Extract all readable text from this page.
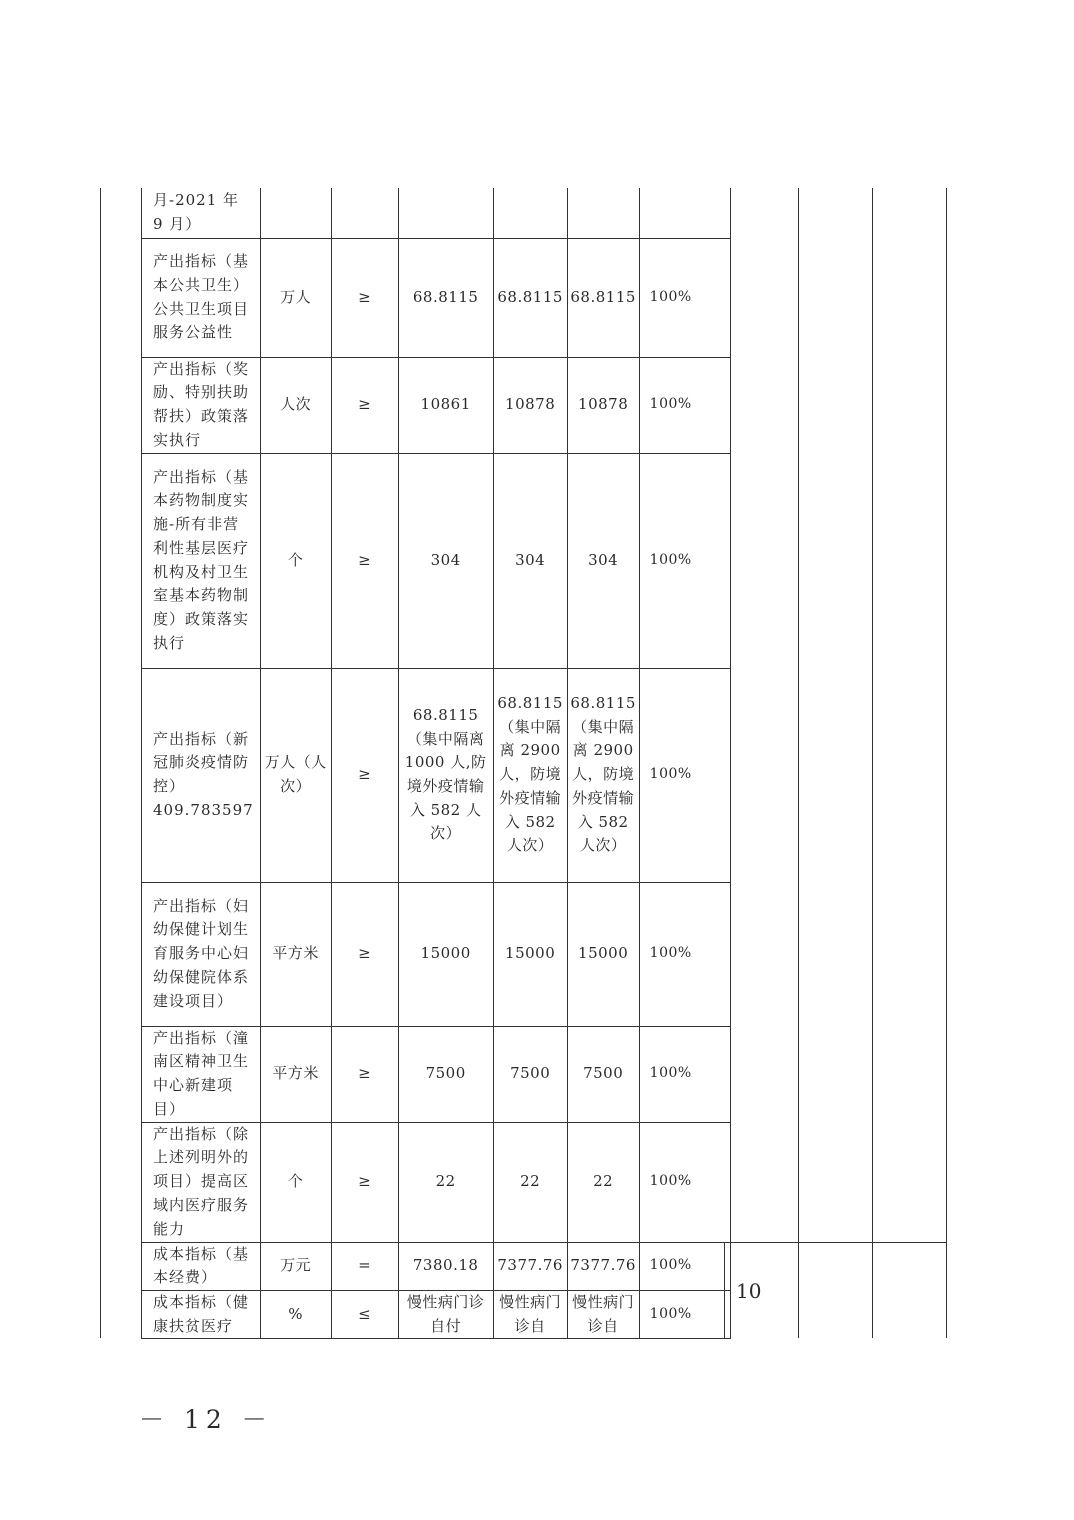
月-2021 年 9 月）						
产出指标（基本公共卫生）公共卫生项目服务公益性	万人	≥	68.8115	68.8115	68.8115	100%
产出指标（奖励、特别扶助帮扶）政策落实执行	人次	≥	10861	10878	10878	100%
产出指标（基本药物制度实施-所有非营利性基层医疗机构及村卫生室基本药物制度）政策落实执行	个	≥	304	304	304	100%
产出指标（新冠肺炎疫情防控）409.783597	万人（人次）	≥	68.8115（集中隔离 1000 人,防境外疫情输入 582 人次）	68.8115（集中隔离 2900 人，防境外疫情输入 582 人次）	68.8115（集中隔离 2900 人，防境外疫情输入 582 人次）	100%
产出指标（妇幼保健计划生育服务中心妇幼保健院体系建设项目）	平方米	≥	15000	15000	15000	100%
产出指标（潼南区精神卫生中心新建项目）	平方米	≥	7500	7500	7500	100%
产出指标（除上述列明外的项目）提高区域内医疗服务能力	个	≥	22	22	22	100%
成本指标（基本经费）	万元	=	7380.18	7377.76	7377.76	100%
成本指标（健康扶贫医疗	%	≤	慢性病门诊自付	慢性病门诊自	慢性病门诊自	100%
10
－ 12 －
